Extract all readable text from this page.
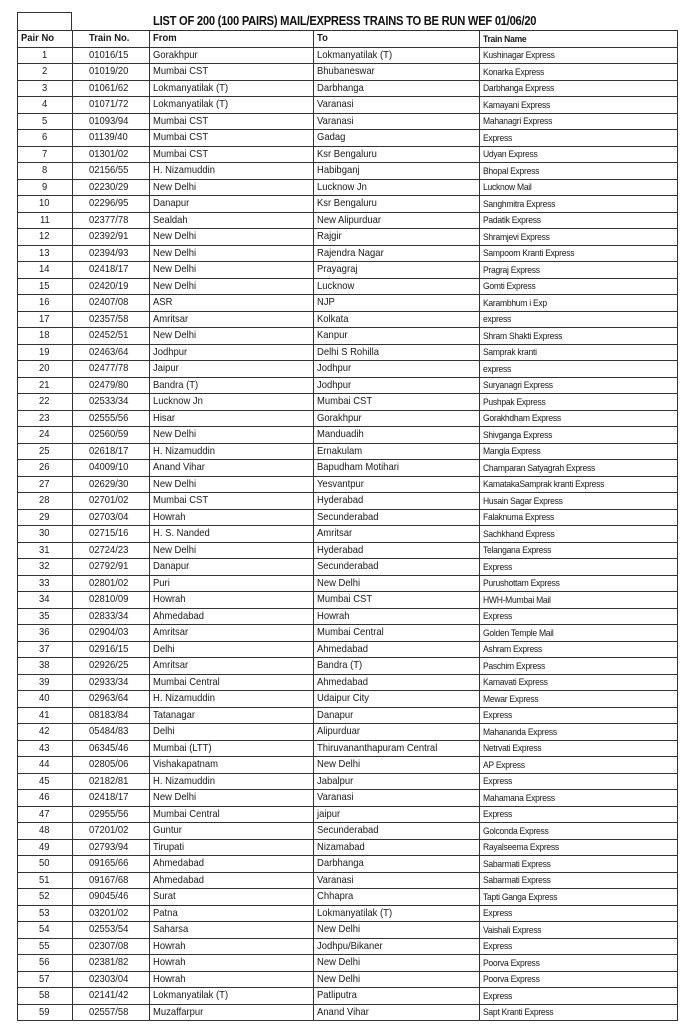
LIST OF 200 (100 PAIRS) MAIL/EXPRESS TRAINS TO BE RUN WEF 01/06/20
Pair No	Train No.	From	To	Train Name
1	01016/15	Gorakhpur	Lokmanyatilak (T)	Kushinagar Express
2	01019/20	Mumbai CST	Bhubaneswar	Konarka Express
3	01061/62	Lokmanyatilak (T)	Darbhanga	Darbhanga Express
4	01071/72	Lokmanyatilak (T)	Varanasi	Kamayani Express
5	01093/94	Mumbai CST	Varanasi	Mahanagri Express
6	01139/40	Mumbai CST	Gadag	Express
7	01301/02	Mumbai CST	Ksr Bengaluru	Udyan Express
8	02156/55	H. Nizamuddin	Habibganj	Bhopal Express
9	02230/29	New Delhi	Lucknow Jn	Lucknow Mail
10	02296/95	Danapur	Ksr Bengaluru	Sanghmitra Express
11	02377/78	Sealdah	New Alipurduar	Padatik Express
12	02392/91	New Delhi	Rajgir	Shramjevi Express
13	02394/93	New Delhi	Rajendra Nagar	Sampoorn Kranti Express
14	02418/17	New Delhi	Prayagraj	Pragraj Express
15	02420/19	New Delhi	Lucknow	Gomti Express
16	02407/08	ASR	NJP	Karambhum i Exp
17	02357/58	Amritsar	Kolkata	express
18	02452/51	New Delhi	Kanpur	Shram Shakti Express
19	02463/64	Jodhpur	Delhi S Rohilla	Samprak kranti
20	02477/78	Jaipur	Jodhpur	express
21	02479/80	Bandra (T)	Jodhpur	Suryanagri Express
22	02533/34	Lucknow Jn	Mumbai CST	Pushpak Express
23	02555/56	Hisar	Gorakhpur	Gorakhdham Express
24	02560/59	New Delhi	Manduadih	Shivganga Express
25	02618/17	H. Nizamuddin	Ernakulam	Mangla Express
26	04009/10	Anand Vihar	Bapudham Motihari	Champaran Satyagrah Express
27	02629/30	New Delhi	Yesvantpur	KamatakaSamprak kranti Express
28	02701/02	Mumbai CST	Hyderabad	Husain Sagar Express
29	02703/04	Howrah	Secunderabad	Falaknuma Express
30	02715/16	H. S. Nanded	Amritsar	Sachkhand Express
31	02724/23	New Delhi	Hyderabad	Telangana Express
32	02792/91	Danapur	Secunderabad	Express
33	02801/02	Puri	New Delhi	Purushottam Express
34	02810/09	Howrah	Mumbai CST	HWH-Mumbai Mail
35	02833/34	Ahmedabad	Howrah	Express
36	02904/03	Amritsar	Mumbai Central	Golden Temple Mail
37	02916/15	Delhi	Ahmedabad	Ashram Express
38	02926/25	Amritsar	Bandra (T)	Paschim Express
39	02933/34	Mumbai Central	Ahmedabad	Kamavati Express
40	02963/64	H. Nizamuddin	Udaipur City	Mewar Express
41	08183/84	Tatanagar	Danapur	Express
42	05484/83	Delhi	Alipurduar	Mahananda Express
43	06345/46	Mumbai (LTT)	Thiruvananthapuram Central	Netrvati Express
44	02805/06	Vishakapatnam	New Delhi	AP Express
45	02182/81	H. Nizamuddin	Jabalpur	Express
46	02418/17	New Delhi	Varanasi	Mahamana Express
47	02955/56	Mumbai Central	jaipur	Express
48	07201/02	Guntur	Secunderabad	Golconda Express
49	02793/94	Tirupati	Nizamabad	Rayalseema Express
50	09165/66	Ahmedabad	Darbhanga	Sabarmati Express
51	09167/68	Ahmedabad	Varanasi	Sabarmati Express
52	09045/46	Surat	Chhapra	Tapti Ganga Express
53	03201/02	Patna	Lokmanyatilak (T)	Express
54	02553/54	Saharsa	New Delhi	Vaishali Express
55	02307/08	Howrah	Jodhpu/Bikaner	Express
56	02381/82	Howrah	New Delhi	Poorva Express
57	02303/04	Howrah	New Delhi	Poorva Express
58	02141/42	Lokmanyatilak (T)	Patliputra	Express
59	02557/58	Muzaffarpur	Anand Vihar	Sapt Kranti Express
